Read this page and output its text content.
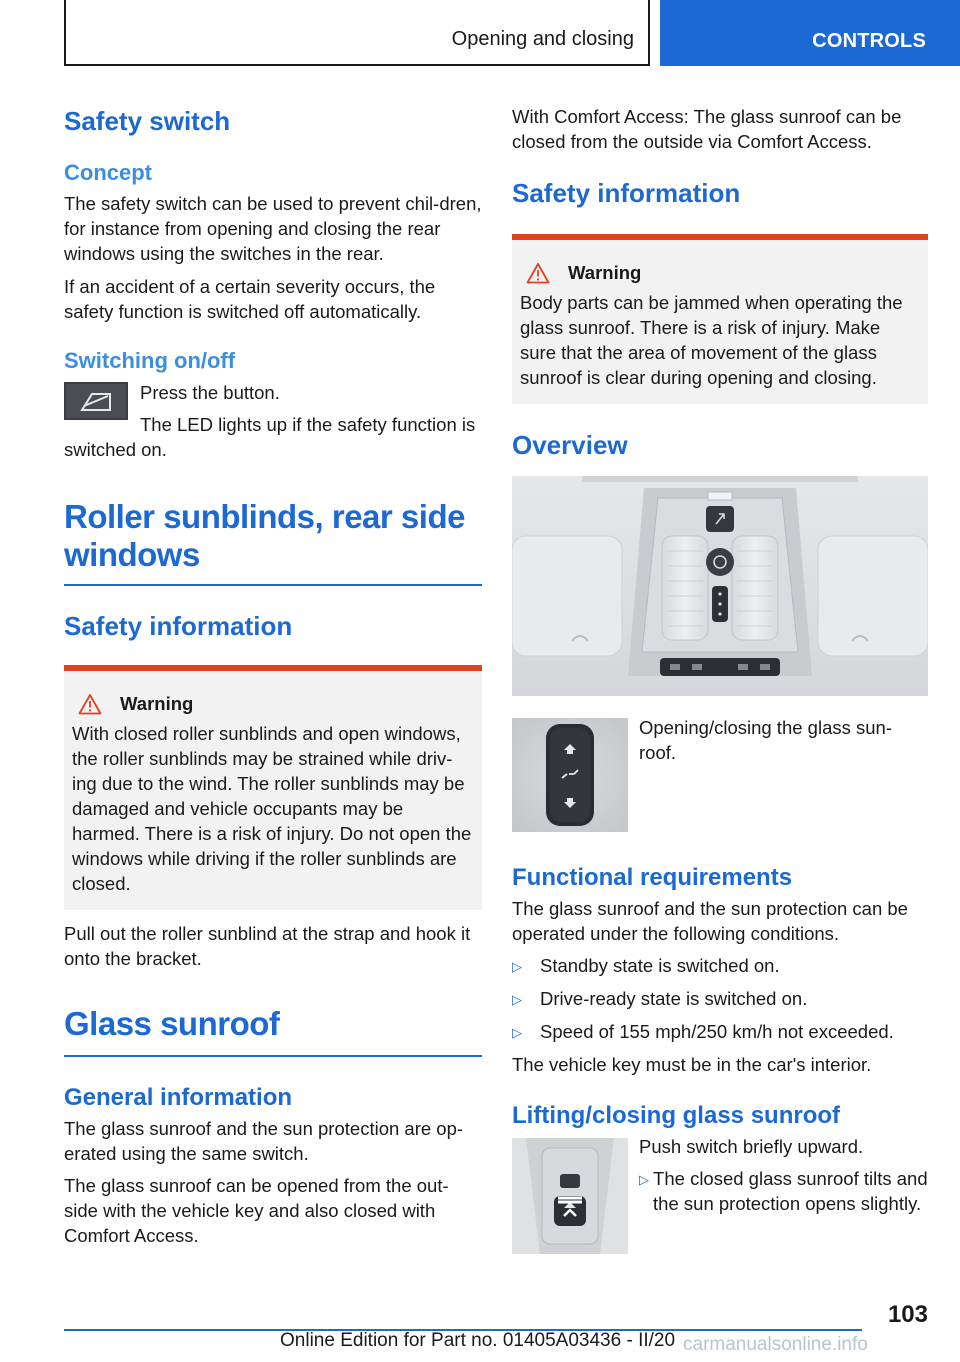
Opening and closing	CONTROLS
Safety switch
Concept

The safety switch can be used to prevent chil-dren, for instance from opening and closing the rear windows using the switches in the rear.

If an accident of a certain severity occurs, the safety function is switched off automatically.

Switching on/off

Press the button.

The LED lights up if the safety function is switched on.

Roller sunblinds, rear side windows
Safety information
Warning

With closed roller sunblinds and open windows, the roller sunblinds may be strained while driv-ing due to the wind. The roller sunblinds may be damaged and vehicle occupants may be harmed. There is a risk of injury. Do not open the windows while driving if the roller sunblinds are closed.

Pull out the roller sunblind at the strap and hook it onto the bracket.

Glass sunroof
General information

The glass sunroof and the sun protection are op-erated using the same switch.

The glass sunroof can be opened from the out-side with the vehicle key and also closed with Comfort Access.

With Comfort Access: The glass sunroof can be closed from the outside via Comfort Access.

Safety information
Warning

Body parts can be jammed when operating the glass sunroof. There is a risk of injury. Make sure that the area of movement of the glass sunroof is clear during opening and closing.

Overview

Opening/closing the glass sun-roof.

Functional requirements

The glass sunroof and the sun protection can be operated under the following conditions.

▷ Standby state is switched on.
▷ Drive-ready state is switched on.
▷ Speed of 155 mph/250 km/h not exceeded.

The vehicle key must be in the car's interior.

Lifting/closing glass sunroof

Push switch briefly upward.

▷ The closed glass sunroof tilts and the sun protection opens slightly.
103
Online Edition for Part no. 01405A03436 - II/20 carmanualsonline.info
